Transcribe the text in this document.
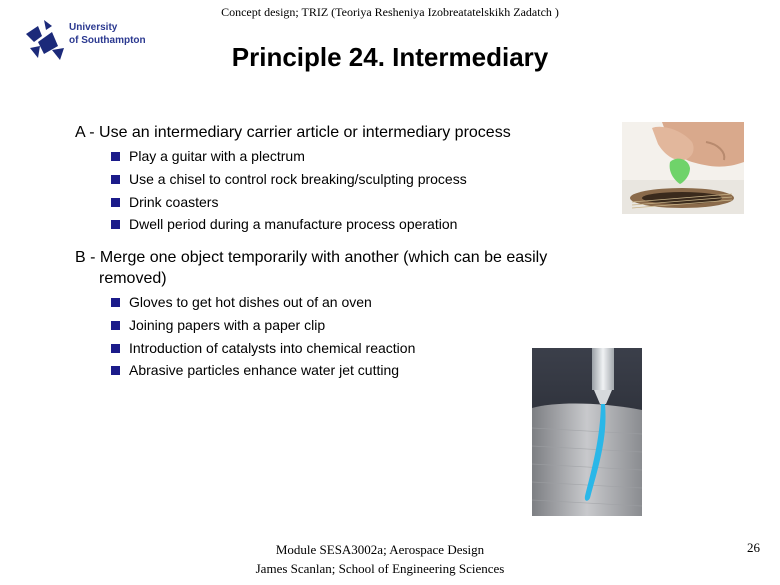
Concept design; TRIZ (Teoriya Resheniya Izobreatatelskikh Zadatch )
University
of Southampton
Principle 24. Intermediary
A - Use an intermediary carrier article or intermediary process
Play a guitar with a plectrum
Use a chisel to control rock breaking/sculpting process
Drink coasters
Dwell period during a manufacture process operation
B - Merge one object temporarily with another (which can be easily
removed)
Gloves to get hot dishes out of an oven
Joining papers with a paper clip
Introduction of catalysts into chemical reaction
Abrasive particles enhance water jet cutting
Module SESA3002a; Aerospace Design
James Scanlan; School of Engineering Sciences
26
